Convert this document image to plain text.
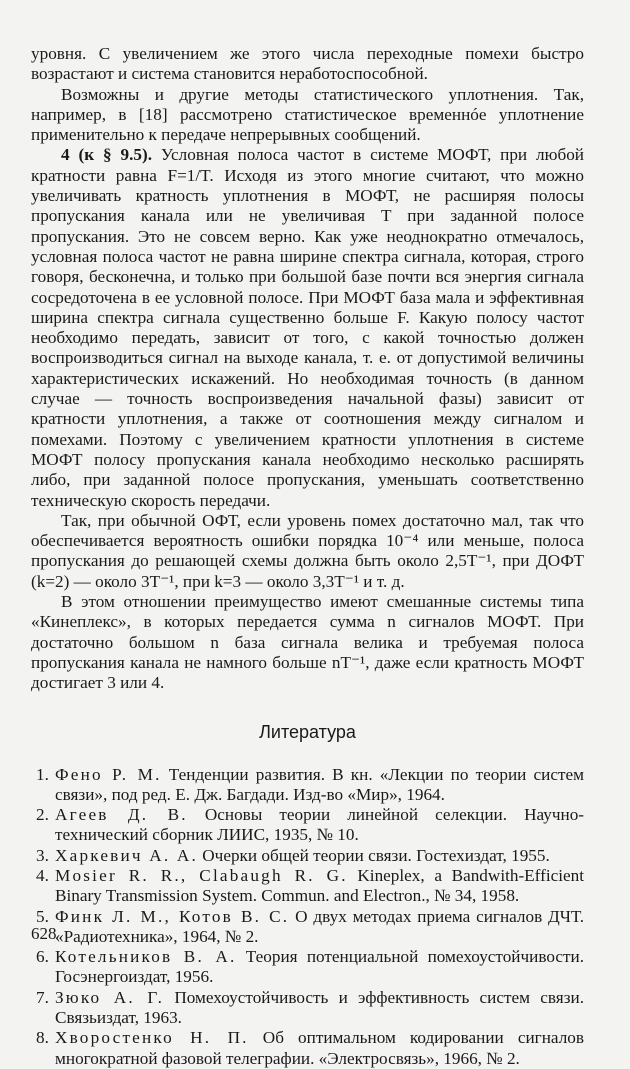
уровня. С увеличением же этого числа переходные помехи быстро возрастают и система становится неработоспособной.

Возможны и другие методы статистического уплотнения. Так, например, в [18] рассмотрено статистическое временнóе уплотнение применительно к передаче непрерывных сообщений.

4 (к § 9.5). Условная полоса частот в системе МОФТ, при любой кратности равна F=1/T. Исходя из этого многие считают, что можно увеличивать кратность уплотнения в МОФТ, не расширяя полосы пропускания канала или не увеличивая T при заданной полосе пропускания. Это не совсем верно. Как уже неоднократно отмечалось, условная полоса частот не равна ширине спектра сигнала, которая, строго говоря, бесконечна, и только при большой базе почти вся энергия сигнала сосредоточена в ее условной полосе. При МОФТ база мала и эффективная ширина спектра сигнала существенно больше F. Какую полосу частот необходимо передать, зависит от того, с какой точностью должен воспроизводиться сигнал на выходе канала, т. е. от допустимой величины характеристических искажений. Но необходимая точность (в данном случае — точность воспроизведения начальной фазы) зависит от кратности уплотнения, а также от соотношения между сигналом и помехами. Поэтому с увеличением кратности уплотнения в системе МОФТ полосу пропускания канала необходимо несколько расширять либо, при заданной полосе пропускания, уменьшать соответственно техническую скорость передачи.

Так, при обычной ОФТ, если уровень помех достаточно мал, так что обеспечивается вероятность ошибки порядка 10⁻⁴ или меньше, полоса пропускания до решающей схемы должна быть около 2,5T⁻¹, при ДОФТ (k=2) — около 3T⁻¹, при k=3 — около 3,3T⁻¹ и т. д.

В этом отношении преимущество имеют смешанные системы типа «Кинеплекс», в которых передается сумма n сигналов МОФТ. При достаточно большом n база сигнала велика и требуемая полоса пропускания канала не намного больше nT⁻¹, даже если кратность МОФТ достигает 3 или 4.

Литература
1. Фено Р. М. Тенденции развития. В кн. «Лекции по теории систем связи», под ред. Е. Дж. Багдади. Изд-во «Мир», 1964.
2. Агеев Д. В. Основы теории линейной селекции. Научно-технический сборник ЛИИС, 1935, № 10.
3. Харкевич А. А. Очерки общей теории связи. Гостехиздат, 1955.
4. Mosier R. R., Clabaugh R. G. Kineplex, a Bandwith-Efficient Binary Transmission System. Commun. and Electron., № 34, 1958.
5. Финк Л. М., Котов В. С. О двух методах приема сигналов ДЧТ. «Радиотехника», 1964, № 2.
6. Котельников В. А. Теория потенциальной помехоустойчивости. Госэнергоиздат, 1956.
7. Зюко А. Г. Помехоустойчивость и эффективность систем связи. Связьиздат, 1963.
8. Хворостенко Н. П. Об оптимальном кодировании сигналов многократной фазовой телеграфии. «Электросвязь», 1966, № 2.
628
